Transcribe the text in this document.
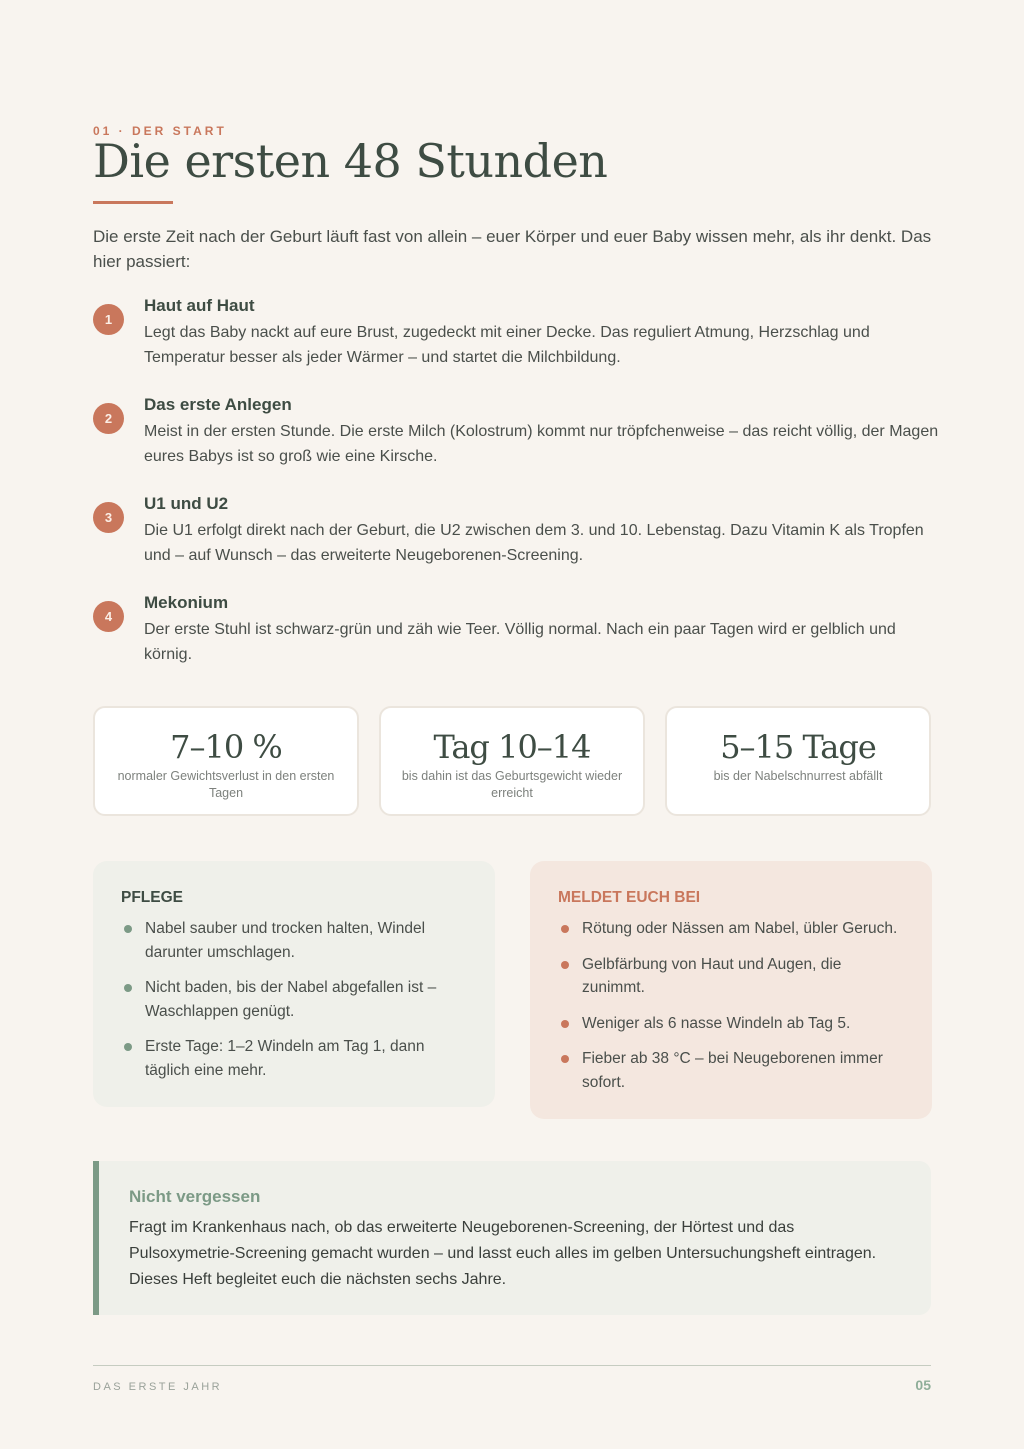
01 · DER START
Die ersten 48 Stunden

Die erste Zeit nach der Geburt läuft fast von allein – euer Körper und euer Baby wissen mehr, als ihr denkt. Das hier passiert:

1
Haut auf Haut
Legt das Baby nackt auf eure Brust, zugedeckt mit einer Decke. Das reguliert Atmung, Herzschlag und Temperatur besser als jeder Wärmer – und startet die Milchbildung.
2
Das erste Anlegen
Meist in der ersten Stunde. Die erste Milch (Kolostrum) kommt nur tröpfchenweise – das reicht völlig, der Magen eures Babys ist so groß wie eine Kirsche.
3
U1 und U2
Die U1 erfolgt direkt nach der Geburt, die U2 zwischen dem 3. und 10. Lebenstag. Dazu Vitamin K als Tropfen und – auf Wunsch – das erweiterte Neugeborenen-Screening.
4
Mekonium
Der erste Stuhl ist schwarz-grün und zäh wie Teer. Völlig normal. Nach ein paar Tagen wird er gelblich und körnig.
7–10 %
normaler Gewichtsverlust in den ersten Tagen
Tag 10–14
bis dahin ist das Geburtsgewicht wieder erreicht
5–15 Tage
bis der Nabelschnurrest abfällt
PFLEGE
Nabel sauber und trocken halten, Windel darunter umschlagen.
Nicht baden, bis der Nabel abgefallen ist – Waschlappen genügt.
Erste Tage: 1–2 Windeln am Tag 1, dann täglich eine mehr.
MELDET EUCH BEI
Rötung oder Nässen am Nabel, übler Geruch.
Gelbfärbung von Haut und Augen, die zunimmt.
Weniger als 6 nasse Windeln ab Tag 5.
Fieber ab 38 °C – bei Neugeborenen immer sofort.
Nicht vergessen
Fragt im Krankenhaus nach, ob das erweiterte Neugeborenen-Screening, der Hörtest und das Pulsoxymetrie-Screening gemacht wurden – und lasst euch alles im gelben Untersuchungsheft eintragen. Dieses Heft begleitet euch die nächsten sechs Jahre.
DAS ERSTE JAHR	05
